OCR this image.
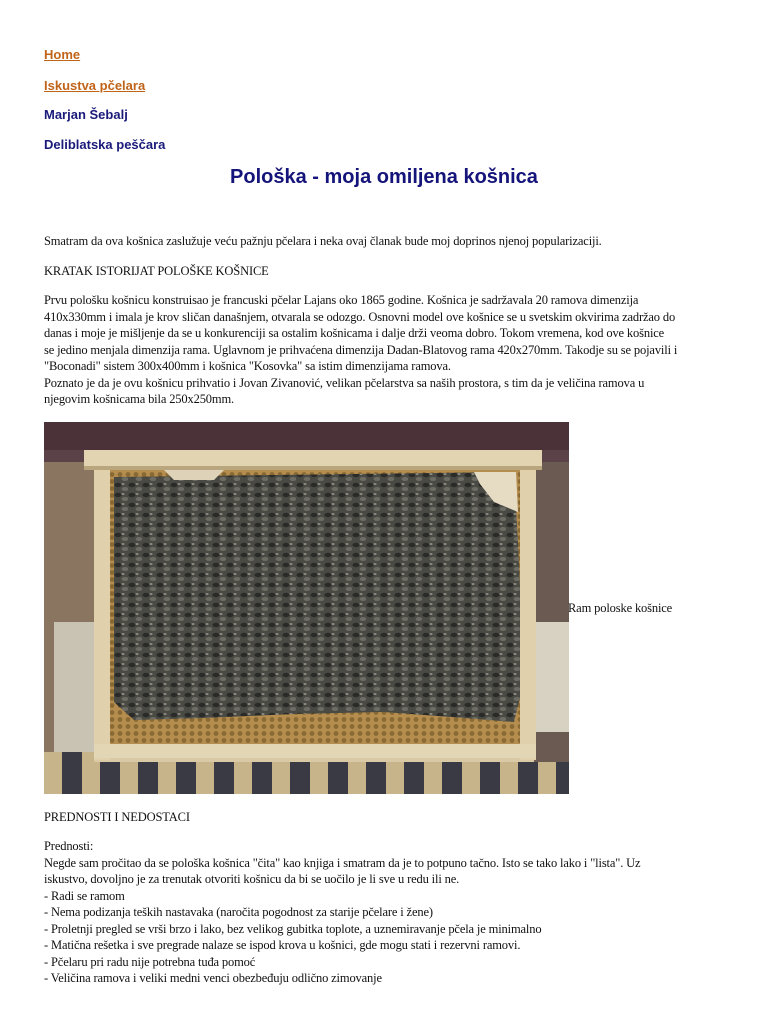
Home
Iskustva pčelara
Marjan Šebalj
Deliblatska peščara
Pološka - moja omiljena košnica
Smatram da ova košnica zaslužuje veću pažnju pčelara i neka ovaj članak bude moj doprinos njenoj popularizaciji.
KRATAK ISTORIJAT POLOŠKE KOŠNICE
Prvu pološku košnicu konstruisao je francuski pčelar Lajans oko 1865 godine. Košnica je sadržavala 20 ramova dimenzija
410x330mm i imala je krov sličan današnjem, otvarala se odozgo. Osnovni model ove košnice se u svetskim okvirima zadržao do
danas i moje je mišljenje da se u konkurenciji sa ostalim košnicama i dalje drži veoma dobro. Tokom vremena, kod ove košnice
se jedino menjala dimenzija rama. Uglavnom je prihvaćena dimenzija Dadan-Blatovog rama 420x270mm. Takodje su se pojavili i
"Boconadi" sistem 300x400mm i košnica "Kosovka" sa istim dimenzijama ramova.
Poznato je da je ovu košnicu prihvatio i Jovan Zivanović, velikan pčelarstva sa naših prostora, s tim da je veličina ramova u
njegovim košnicama bila 250x250mm.
Ram poloske košnice
PREDNOSTI I NEDOSTACI
Prednosti:
Negde sam pročitao da se pološka košnica "čita" kao knjiga i smatram da je to potpuno tačno. Isto se tako lako i "lista". Uz
iskustvo, dovoljno je za trenutak otvoriti košnicu da bi se uočilo je li sve u redu ili ne.
- Radi se ramom
- Nema podizanja teških nastavaka (naročita pogodnost za starije pčelare i žene)
- Proletnji pregled se vrši brzo i lako, bez velikog gubitka toplote, a uznemiravanje pčela je minimalno
- Matična rešetka i sve pregrade nalaze se ispod krova u košnici, gde mogu stati i rezervni ramovi.
- Pčelaru pri radu nije potrebna tuđa pomoć
- Veličina ramova i veliki medni venci obezbeđuju odlično zimovanje
